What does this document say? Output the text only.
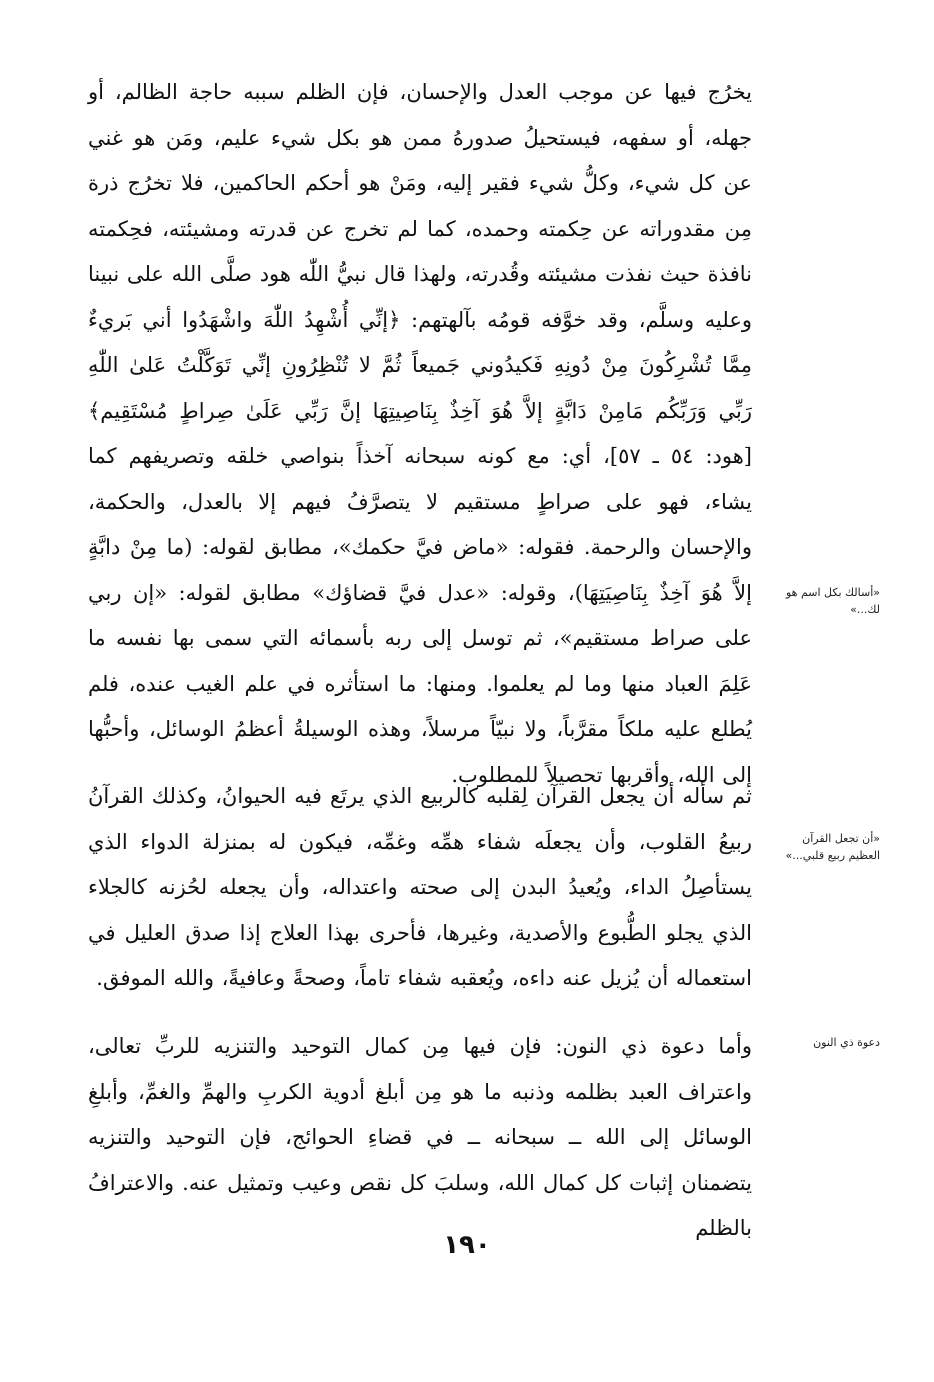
يخرُج فيها عن موجب العدل والإحسان، فإن الظلم سببه حاجة الظالم، أو جهله، أو سفهه، فيستحيلُ صدورهُ ممن هو بكل شيء عليم، ومَن هو غني عن كل شيء، وكلُّ شيء فقير إليه، ومَنْ هو أحكم الحاكمين، فلا تخرُج ذرة مِن مقدوراته عن حِكمته وحمده، كما لم تخرج عن قدرته ومشيئته، فحِكمته نافذة حيث نفذت مشيئته وقُدرته، ولهذا قال نبيُّ اللّٰه هود صلَّى الله على نبينا وعليه وسلَّم، وقد خوَّفه قومُه بآلهتهم: ﴿إنِّي أُشْهِدُ اللّٰهَ واشْهَدُوا أني بَريءٌ مِمَّا تُشْرِكُونَ مِنْ دُونِهِ فَكيدُوني جَميعاً ثُمَّ لا تُنْظِرُونِ إنِّي تَوَكَّلْتُ عَلىٰ اللّٰهِ رَبِّي وَرَبِّكُم مَامِنْ دَابَّةٍ إلاَّ هُوَ آخِذٌ بِنَاصِيتِهَا إنَّ رَبِّي عَلَىٰ صِراطٍ مُسْتَقِيم﴾ [هود: ٥٤ ـ ٥٧]، أي: مع كونه سبحانه آخذاً بنواصي خلقه وتصريفهم كما يشاء، فهو على صراطٍ مستقيم لا يتصرَّفُ فيهم إلا بالعدل، والحكمة، والإحسان والرحمة. فقوله: «ماض فيَّ حكمك»، مطابق لقوله: (ما مِنْ دابَّةٍ إلاَّ هُوَ آخِذٌ بِنَاصِيَتِهَا)، وقوله: «عدل فيَّ قضاؤك» مطابق لقوله: «إن ربي على صراط مستقيم»، ثم توسل إلى ربه بأسمائه التي سمى بها نفسه ما عَلِمَ العباد منها وما لم يعلموا. ومنها: ما استأثره في علم الغيب عنده، فلم يُطلع عليه ملكاً مقرَّباً، ولا نبيّاً مرسلاً، وهذه الوسيلةُ أعظمُ الوسائل، وأحبُّها إلى الله، وأقربها تحصيلاً للمطلوب.

ثم سأله أن يجعل القرآن لِقلبه كالربيع الذي يرتَع فيه الحيوانُ، وكذلك القرآنُ ربيعُ القلوب، وأن يجعلَه شفاء همِّه وغمِّه، فيكون له بمنزلة الدواء الذي يستأصِلُ الداء، ويُعيدُ البدن إلى صحته واعتداله، وأن يجعله لحُزنه كالجلاء الذي يجلو الطُّبوع والأصدية، وغيرها، فأحرى بهذا العلاج إذا صدق العليل في استعماله أن يُزيل عنه داءه، ويُعقبه شفاء تاماً، وصحةً وعافيةً، والله الموفق.

وأما دعوة ذي النون: فإن فيها مِن كمال التوحيد والتنزيه للربِّ تعالى، واعتراف العبد بظلمه وذنبه ما هو مِن أبلغ أدوية الكربِ والهمِّ والغمِّ، وأبلغِ الوسائل إلى الله ــ سبحانه ــ في قضاءِ الحوائج، فإن التوحيد والتنزيه يتضمنان إثبات كل كمال الله، وسلبَ كل نقص وعيب وتمثيل عنه. والاعترافُ بالظلم

«أسالك بكل اسم هو لك...»
«أن تجعل القرآن العظيم ربيع قلبي...»
دعوة ذي النون
١٩٠
